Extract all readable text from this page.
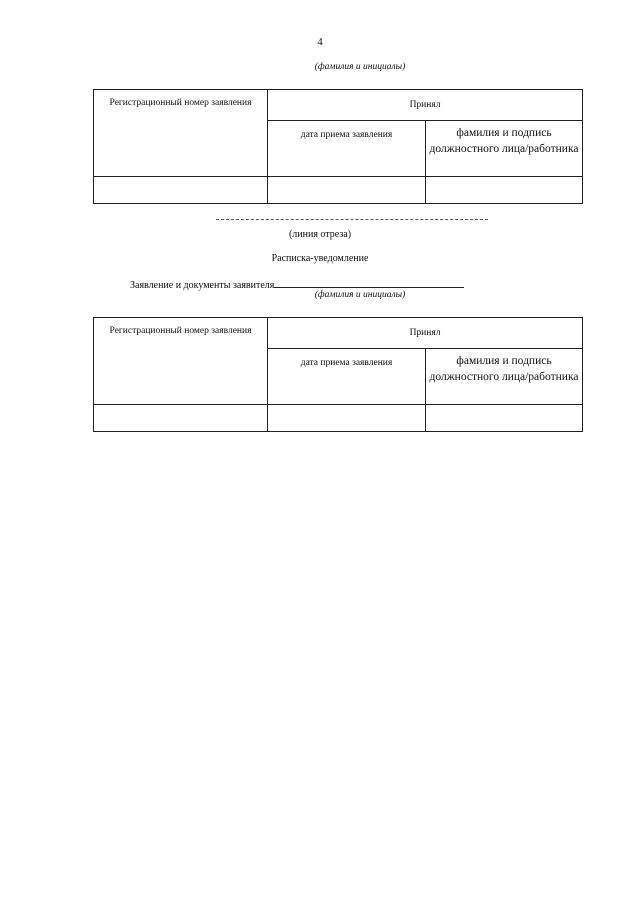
4
(фамилия и инициалы)
Регистрационный номер заявления	Принял	
	дата приема заявления	фамилия и подпись должностного лица/работника

(линия отреза)
Расписка-уведомление
Заявление и документы заявителя
(фамилия и инициалы)
Регистрационный номер заявления	Принял	
	дата приема заявления	фамилия и подпись должностного лица/работника
